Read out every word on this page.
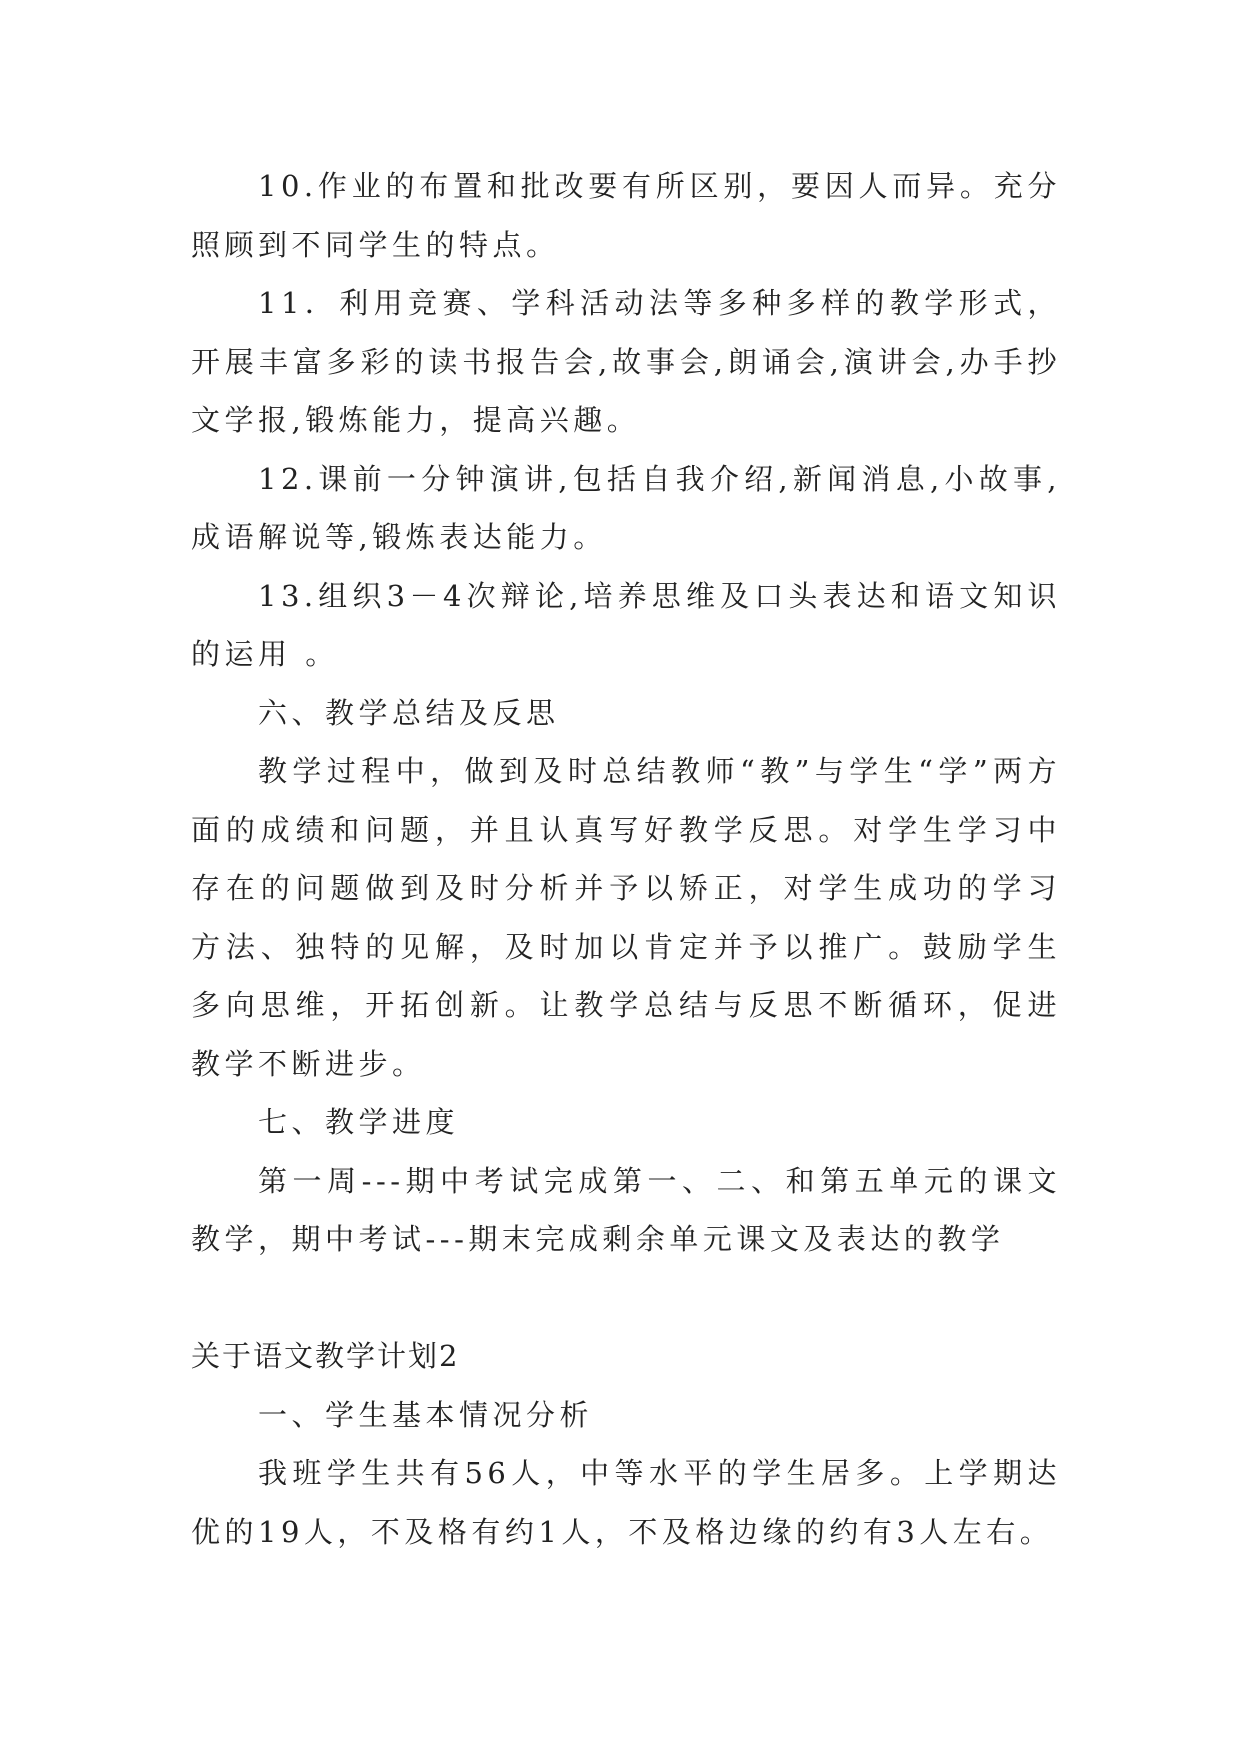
10.作业的布置和批改要有所区别，要因人而异。充分照顾到不同学生的特点。

11．利用竞赛、学科活动法等多种多样的教学形式，开展丰富多彩的读书报告会,故事会,朗诵会,演讲会,办手抄文学报,锻炼能力，提高兴趣。

12.课前一分钟演讲,包括自我介绍,新闻消息,小故事,成语解说等,锻炼表达能力。

13.组织3－4次辩论,培养思维及口头表达和语文知识的运用 。

六、教学总结及反思

教学过程中，做到及时总结教师“教”与学生“学”两方面的成绩和问题，并且认真写好教学反思。对学生学习中存在的问题做到及时分析并予以矫正，对学生成功的学习方法、独特的见解，及时加以肯定并予以推广。鼓励学生多向思维，开拓创新。让教学总结与反思不断循环，促进教学不断进步。

七、教学进度

第一周---期中考试完成第一、二、和第五单元的课文教学，期中考试---期末完成剩余单元课文及表达的教学

关于语文教学计划2

一、学生基本情况分析

我班学生共有56人，中等水平的学生居多。上学期达优的19人，不及格有约1人，不及格边缘的约有3人左右。
